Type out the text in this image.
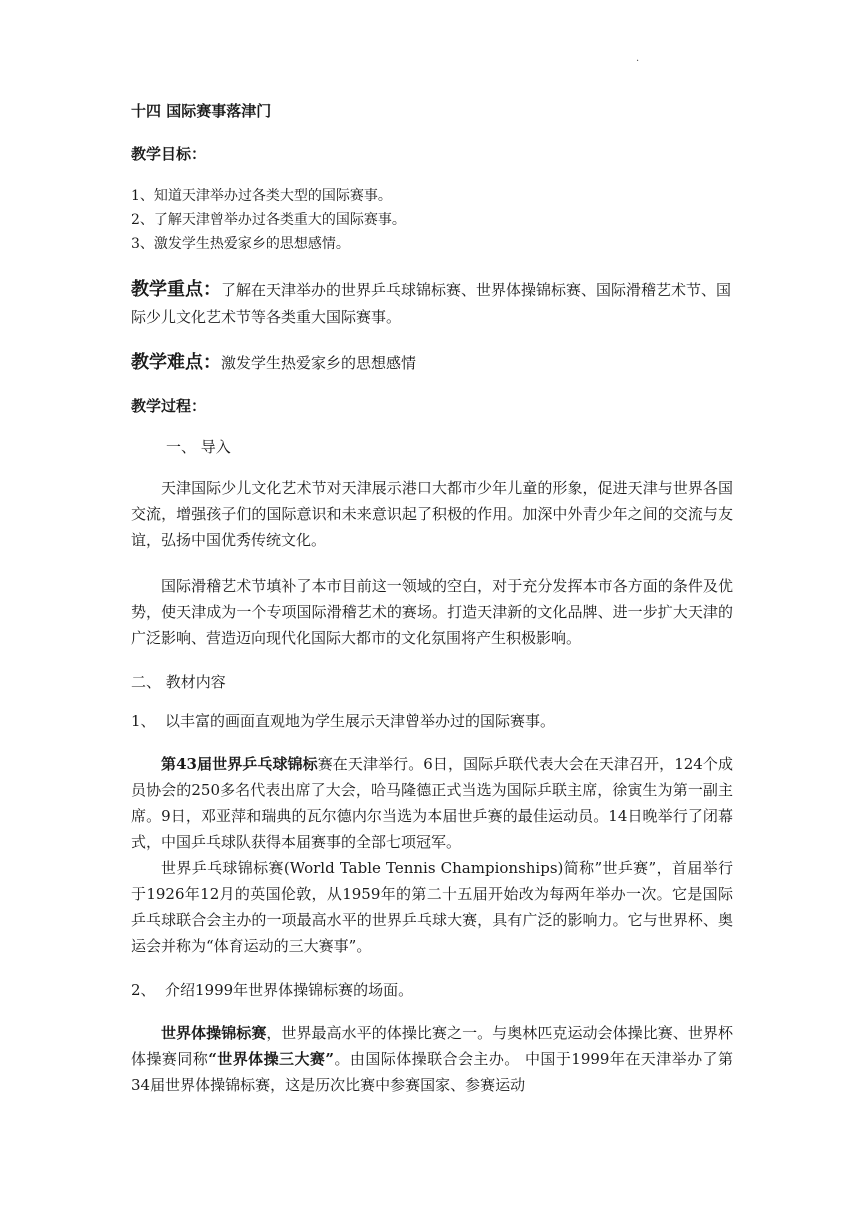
·
十四 国际赛事落津门
教学目标：
1、知道天津举办过各类大型的国际赛事。
2、了解天津曾举办过各类重大的国际赛事。
3、激发学生热爱家乡的思想感情。
教学重点：了解在天津举办的世界乒乓球锦标赛、世界体操锦标赛、国际滑稽艺术节、国际少儿文化艺术节等各类重大国际赛事。
教学难点：激发学生热爱家乡的思想感情
教学过程：
一、 导入
天津国际少儿文化艺术节对天津展示港口大都市少年儿童的形象，促进天津与世界各国交流，增强孩子们的国际意识和未来意识起了积极的作用。加深中外青少年之间的交流与友谊，弘扬中国优秀传统文化。
国际滑稽艺术节填补了本市目前这一领域的空白，对于充分发挥本市各方面的条件及优势，使天津成为一个专项国际滑稽艺术的赛场。打造天津新的文化品牌、进一步扩大天津的广泛影响、营造迈向现代化国际大都市的文化氛围将产生积极影响。
二、 教材内容
1、 以丰富的画面直观地为学生展示天津曾举办过的国际赛事。
第43届世界乒乓球锦标赛在天津举行。6日，国际乒联代表大会在天津召开，124个成员协会的250多名代表出席了大会，哈马隆德正式当选为国际乒联主席，徐寅生为第一副主席。9日，邓亚萍和瑞典的瓦尔德内尔当选为本届世乒赛的最佳运动员。14日晚举行了闭幕式，中国乒乓球队获得本届赛事的全部七项冠军。
世界乒乓球锦标赛(World Table Tennis Championships)简称”世乒赛”，首届举行于1926年12月的英国伦敦，从1959年的第二十五届开始改为每两年举办一次。它是国际乒乓球联合会主办的一项最高水平的世界乒乓球大赛，具有广泛的影响力。它与世界杯、奥运会并称为“体育运动的三大赛事”。
2、 介绍1999年世界体操锦标赛的场面。
世界体操锦标赛，世界最高水平的体操比赛之一。与奥林匹克运动会体操比赛、世界杯体操赛同称“世界体操三大赛”。由国际体操联合会主办。 中国于1999年在天津举办了第34届世界体操锦标赛，这是历次比赛中参赛国家、参赛运动
